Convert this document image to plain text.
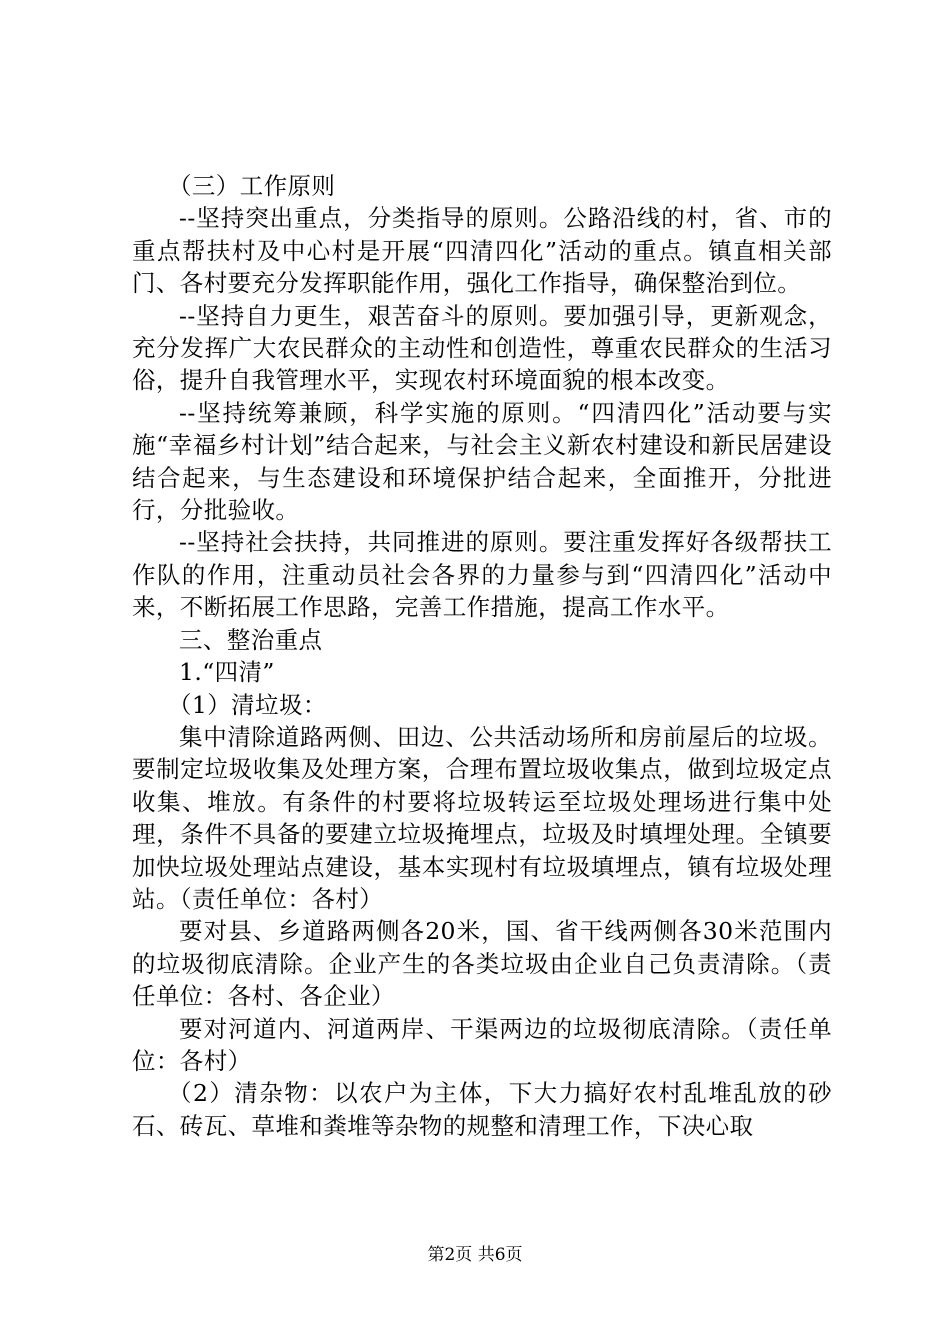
（三）工作原则

--坚持突出重点，分类指导的原则。公路沿线的村，省、市的重点帮扶村及中心村是开展“四清四化”活动的重点。镇直相关部门、各村要充分发挥职能作用，强化工作指导，确保整治到位。

--坚持自力更生，艰苦奋斗的原则。要加强引导，更新观念，充分发挥广大农民群众的主动性和创造性，尊重农民群众的生活习俗，提升自我管理水平，实现农村环境面貌的根本改变。

--坚持统筹兼顾，科学实施的原则。“四清四化”活动要与实施“幸福乡村计划”结合起来，与社会主义新农村建设和新民居建设结合起来，与生态建设和环境保护结合起来，全面推开，分批进行，分批验收。

--坚持社会扶持，共同推进的原则。要注重发挥好各级帮扶工作队的作用，注重动员社会各界的力量参与到“四清四化”活动中来，不断拓展工作思路，完善工作措施，提高工作水平。

三、整治重点

1.“四清”

（1）清垃圾：

集中清除道路两侧、田边、公共活动场所和房前屋后的垃圾。要制定垃圾收集及处理方案，合理布置垃圾收集点，做到垃圾定点收集、堆放。有条件的村要将垃圾转运至垃圾处理场进行集中处理，条件不具备的要建立垃圾掩埋点，垃圾及时填埋处理。全镇要加快垃圾处理站点建设，基本实现村有垃圾填埋点，镇有垃圾处理站。（责任单位：各村）

要对县、乡道路两侧各20米，国、省干线两侧各30米范围内的垃圾彻底清除。企业产生的各类垃圾由企业自己负责清除。（责任单位：各村、各企业）

要对河道内、河道两岸、干渠两边的垃圾彻底清除。（责任单位：各村）

（2）清杂物：以农户为主体，下大力搞好农村乱堆乱放的砂石、砖瓦、草堆和粪堆等杂物的规整和清理工作，下决心取

第2页 共6页
